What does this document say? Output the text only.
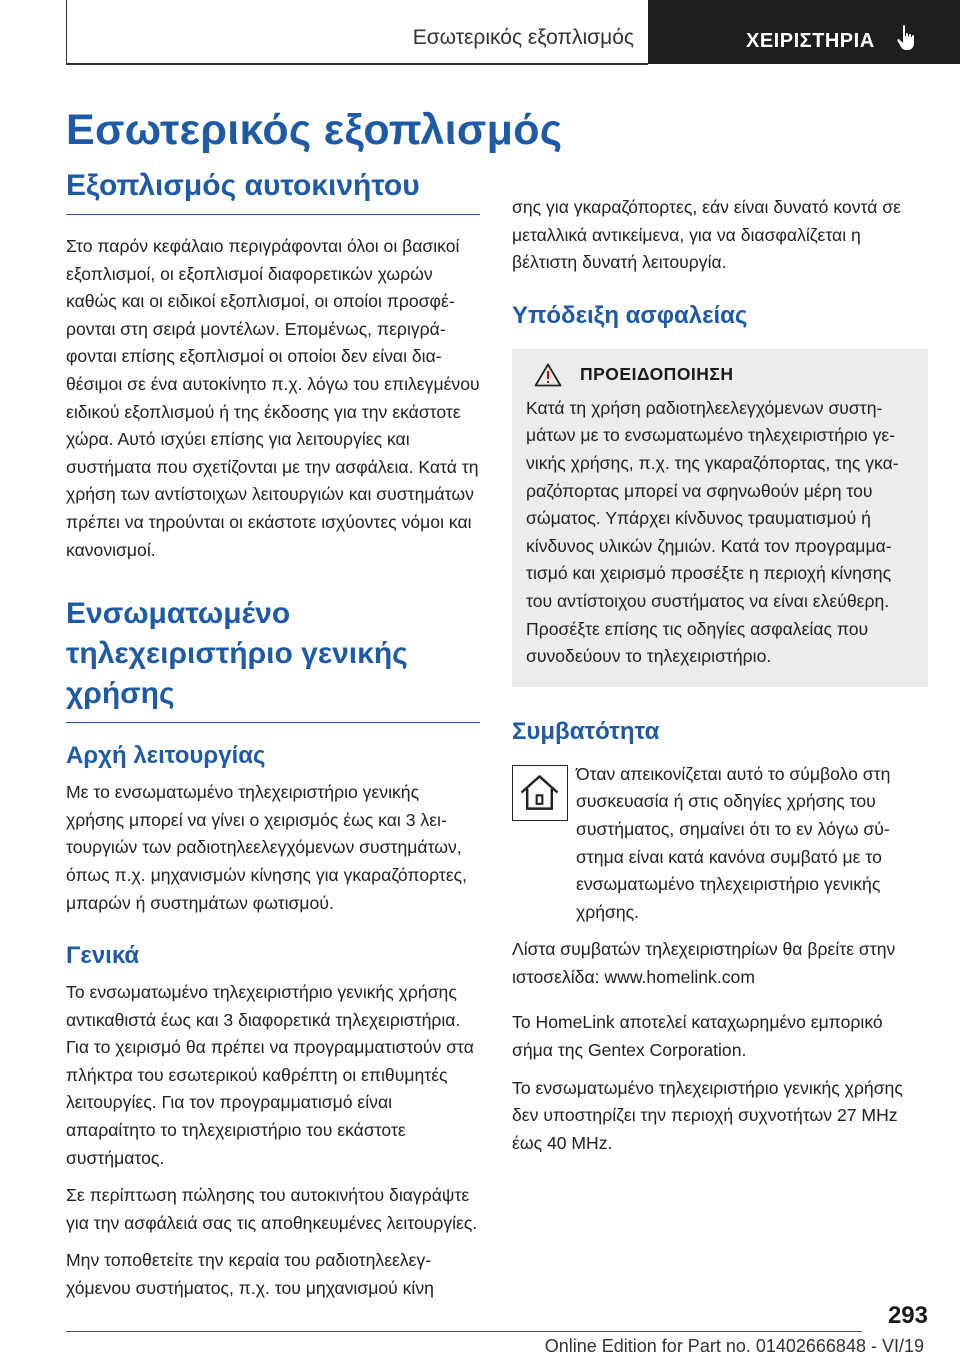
Εσωτερικός εξοπλισμός	ΧΕΙΡΙΣΤΗΡΙΑ
Εσωτερικός εξοπλισμός
Εξοπλισμός αυτοκινήτου

Στο παρόν κεφάλαιο περιγράφονται όλοι οι βασικοί εξοπλισμοί, οι εξοπλισμοί διαφορετικών χωρών καθώς και οι ειδικοί εξοπλισμοί, οι οποίοι προσφέρονται στη σειρά μοντέλων. Επομένως, περιγράφονται επίσης εξοπλισμοί οι οποίοι δεν είναι διαθέσιμοι σε ένα αυτοκίνητο π.χ. λόγω του επιλεγμένου ειδικού εξοπλισμού ή της έκδοσης για την εκάστοτε χώρα. Αυτό ισχύει επίσης για λειτουργίες και συστήματα που σχετίζονται με την ασφάλεια. Κατά τη χρήση των αντίστοιχων λειτουργιών και συστημάτων πρέπει να τηρούνται οι εκάστοτε ισχύοντες νόμοι και κανονισμοί.

Ενσωματωμένο τηλεχειριστήριο γενικής χρήσης
Αρχή λειτουργίας

Με το ενσωματωμένο τηλεχειριστήριο γενικής χρήσης μπορεί να γίνει ο χειρισμός έως και 3 λειτουργιών των ραδιοτηλεελεγχόμενων συστημάτων, όπως π.χ. μηχανισμών κίνησης για γκαραζόπορτες, μπαρών ή συστημάτων φωτισμού.

Γενικά

Το ενσωματωμένο τηλεχειριστήριο γενικής χρήσης αντικαθιστά έως και 3 διαφορετικά τηλεχειριστήρια. Για το χειρισμό θα πρέπει να προγραμματιστούν στα πλήκτρα του εσωτερικού καθρέπτη οι επιθυμητές λειτουργίες. Για τον προγραμματισμό είναι απαραίτητο το τηλεχειριστήριο του εκάστοτε συστήματος.

Σε περίπτωση πώλησης του αυτοκινήτου διαγράψτε για την ασφάλειά σας τις αποθηκευμένες λειτουργίες.

Μην τοποθετείτε την κεραία του ραδιοτηλεελεγχόμενου συστήματος, π.χ. του μηχανισμού κίνη

σης για γκαραζόπορτες, εάν είναι δυνατό κοντά σε μεταλλικά αντικείμενα, για να διασφαλίζεται η βέλτιστη δυνατή λειτουργία.

Υπόδειξη ασφαλείας
ΠΡΟΕΙΔΟΠΟΙΗΣΗ

Κατά τη χρήση ραδιοτηλεελεγχόμενων συστημάτων με το ενσωματωμένο τηλεχειριστήριο γενικής χρήσης, π.χ. της γκαραζόπορτας, της γκαραζόπορτας μπορεί να σφηνωθούν μέρη του σώματος. Υπάρχει κίνδυνος τραυματισμού ή κίνδυνος υλικών ζημιών. Κατά τον προγραμματισμό και χειρισμό προσέξτε η περιοχή κίνησης του αντίστοιχου συστήματος να είναι ελεύθερη. Προσέξτε επίσης τις οδηγίες ασφαλείας που συνοδεύουν το τηλεχειριστήριο.

Συμβατότητα

Όταν απεικονίζεται αυτό το σύμβολο στη συσκευασία ή στις οδηγίες χρήσης του συστήματος, σημαίνει ότι το εν λόγω σύστημα είναι κατά κανόνα συμβατό με το ενσωματωμένο τηλεχειριστήριο γενικής χρήσης.

Λίστα συμβατών τηλεχειριστηρίων θα βρείτε στην ιστοσελίδα: www.homelink.com

Το HomeLink αποτελεί καταχωρημένο εμπορικό σήμα της Gentex Corporation.

Το ενσωματωμένο τηλεχειριστήριο γενικής χρήσης δεν υποστηρίζει την περιοχή συχνοτήτων 27 MHz έως 40 MHz.

293
Online Edition for Part no. 01402666848 - VI/19
